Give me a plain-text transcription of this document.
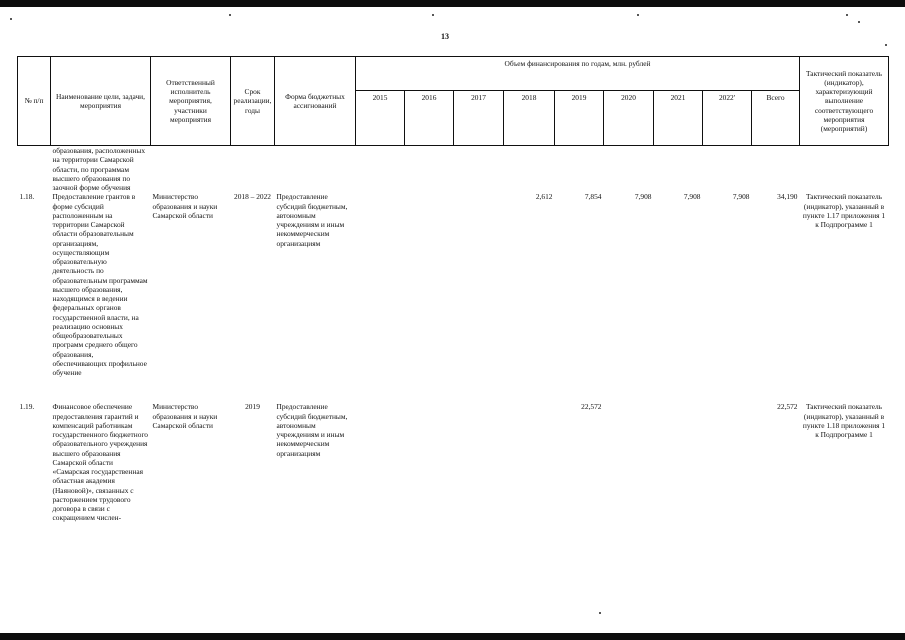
13
№ п/п	Наименование цели, задачи, мероприятия	Ответственный исполнитель мероприятия, участники мероприятия	Срок реализации, годы	Форма бюджетных ассигнований	Объем финансирования по годам, млн. рублей									Тактический показатель (индикатор), характеризующий выполнение соответствующего мероприятия (мероприятий)
					2015	2016	2017	2018	2019	2020	2021	2022'	Всего	
	образования, расположенных на территории Самарской области, по программам высшего образования по заочной форме обучения													
1.18.	Предоставление грантов в форме субсидий расположенным на территории Самарской области образовательным организациям, осуществляющим образовательную деятельность по образовательным программам высшего образования, находящимся в ведении федеральных органов государственной власти, на реализацию основных общеобразовательных программ среднего общего образования, обеспечивающих профильное обучение	Министерство образования и науки Самарской области	2018 – 2022	Предоставление субсидий бюджетным, автономным учреждениям и иным некоммерческим организациям				2,612	7,854	7,908	7,908	7,908	34,190	Тактический показатель (индикатор), указанный в пункте 1.17 приложения 1 к Подпрограмме 1
1.19.	Финансовое обеспечение предоставления гарантий и компенсаций работникам государственного бюджетного образовательного учреждения высшего образования Самарской области «Самарская государственная областная академия (Наяновой)», связанных с расторжением трудового договора в связи с сокращением числен-	Министерство образования и науки Самарской области	2019	Предоставление субсидий бюджетным, автономным учреждениям и иным некоммерческим организациям					22,572				22,572	Тактический показатель (индикатор), указанный в пункте 1.18 приложения 1 к Подпрограмме 1
